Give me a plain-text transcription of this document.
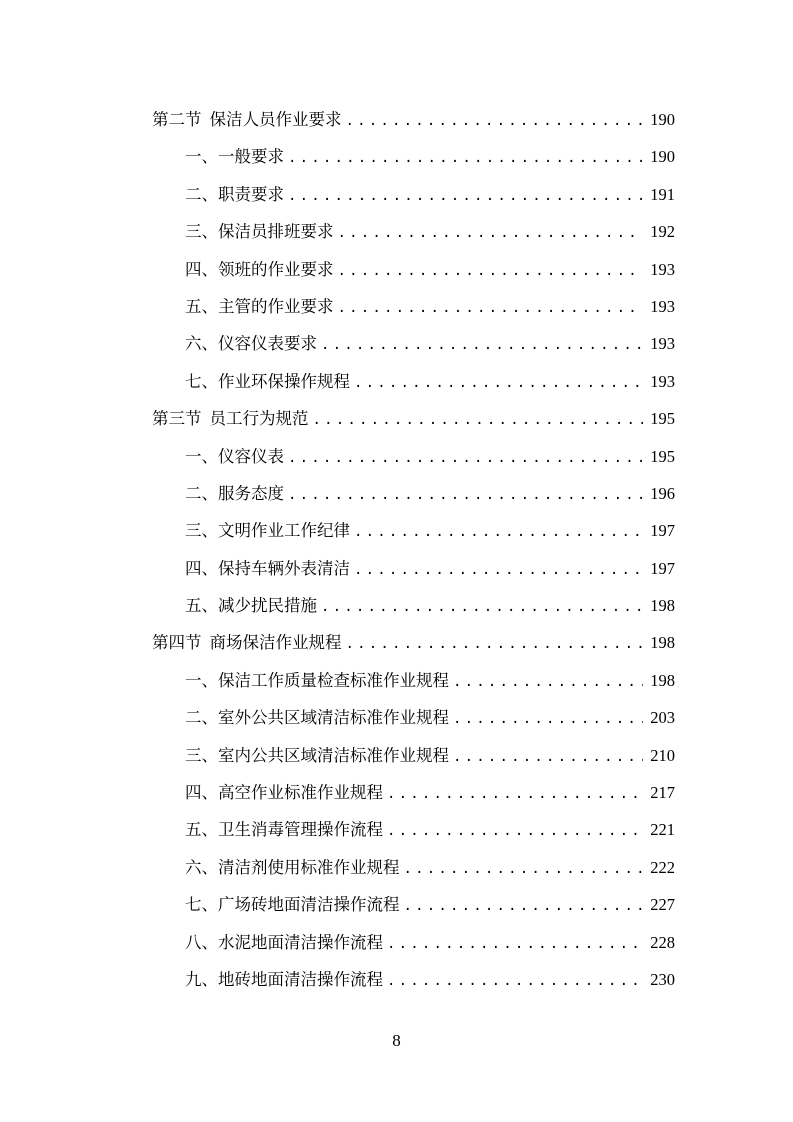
第二节 保洁人员作业要求 .....	190
一、一般要求 .....	190
二、职责要求 .....	191
三、保洁员排班要求 .....	192
四、领班的作业要求 .....	193
五、主管的作业要求 .....	193
六、仪容仪表要求 .....	193
七、作业环保操作规程 .....	193
第三节 员工行为规范 .....	195
一、仪容仪表 .....	195
二、服务态度 .....	196
三、文明作业工作纪律 .....	197
四、保持车辆外表清洁 .....	197
五、减少扰民措施 .....	198
第四节 商场保洁作业规程 .....	198
一、保洁工作质量检查标准作业规程 .....	198
二、室外公共区域清洁标准作业规程 .....	203
三、室内公共区域清洁标准作业规程 .....	210
四、高空作业标准作业规程 .....	217
五、卫生消毒管理操作流程 .....	221
六、清洁剂使用标准作业规程 .....	222
七、广场砖地面清洁操作流程 .....	227
八、水泥地面清洁操作流程 .....	228
九、地砖地面清洁操作流程 .....	230
8
